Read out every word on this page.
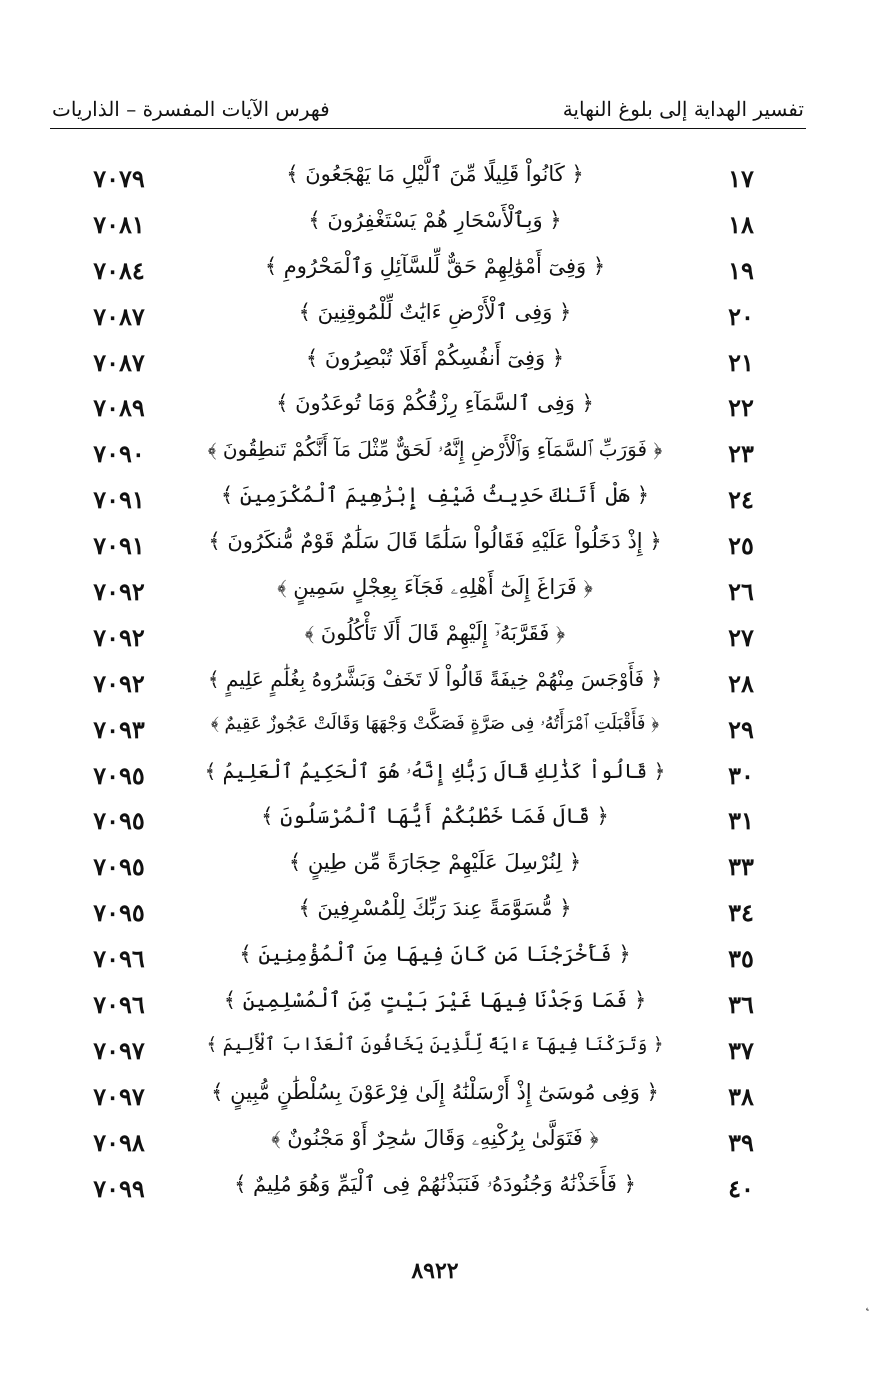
تفسير الهداية إلى بلوغ النهاية
فهرس الآيات المفسرة – الذاريات
١٧
﴿ كَانُواْ قَلِيلًا مِّنَ ٱلَّيْلِ مَا يَهْجَعُونَ ﴾
٧٠٧٩
١٨
﴿ وَبِٱلْأَسْحَارِ هُمْ يَسْتَغْفِرُونَ ﴾
٧٠٨١
١٩
﴿ وَفِىٓ أَمْوَٰلِهِمْ حَقٌّ لِّلسَّآئِلِ وَٱلْمَحْرُومِ ﴾
٧٠٨٤
٢٠
﴿ وَفِى ٱلْأَرْضِ ءَايَٰتٌ لِّلْمُوقِنِينَ ﴾
٧٠٨٧
٢١
﴿ وَفِىٓ أَنفُسِكُمْ أَفَلَا تُبْصِرُونَ ﴾
٧٠٨٧
٢٢
﴿ وَفِى ٱلسَّمَآءِ رِزْقُكُمْ وَمَا تُوعَدُونَ ﴾
٧٠٨٩
٢٣
﴿ فَوَرَبِّ ٱلسَّمَآءِ وَٱلْأَرْضِ إِنَّهُۥ لَحَقٌّ مِّثْلَ مَآ أَنَّكُمْ تَنطِقُونَ ﴾
٧٠٩٠
٢٤
﴿ هَلْ أَتَىٰكَ حَدِيثُ ضَيْفِ إِبْرَٰهِيمَ ٱلْمُكْرَمِينَ ﴾
٧٠٩١
٢٥
﴿ إِذْ دَخَلُواْ عَلَيْهِ فَقَالُواْ سَلَٰمًا قَالَ سَلَٰمٌ قَوْمٌ مُّنكَرُونَ ﴾
٧٠٩١
٢٦
﴿ فَرَاغَ إِلَىٰٓ أَهْلِهِۦ فَجَآءَ بِعِجْلٍ سَمِينٍ ﴾
٧٠٩٢
٢٧
﴿ فَقَرَّبَهُۥٓ إِلَيْهِمْ قَالَ أَلَا تَأْكُلُونَ ﴾
٧٠٩٢
٢٨
﴿ فَأَوْجَسَ مِنْهُمْ خِيفَةً قَالُواْ لَا تَخَفْ وَبَشَّرُوهُ بِغُلَٰمٍ عَلِيمٍ ﴾
٧٠٩٢
٢٩
﴿ فَأَقْبَلَتِ ٱمْرَأَتُهُۥ فِى صَرَّةٍ فَصَكَّتْ وَجْهَهَا وَقَالَتْ عَجُوزٌ عَقِيمٌ ﴾
٧٠٩٣
٣٠
﴿ قَالُواْ كَذَٰلِكِ قَالَ رَبُّكِ إِنَّهُۥ هُوَ ٱلْحَكِيمُ ٱلْعَلِيمُ ﴾
٧٠٩٥
٣١
﴿ قَالَ فَمَا خَطْبُكُمْ أَيُّهَا ٱلْمُرْسَلُونَ ﴾
٧٠٩٥
٣٣
﴿ لِنُرْسِلَ عَلَيْهِمْ حِجَارَةً مِّن طِينٍ ﴾
٧٠٩٥
٣٤
﴿ مُّسَوَّمَةً عِندَ رَبِّكَ لِلْمُسْرِفِينَ ﴾
٧٠٩٥
٣٥
﴿ فَأَخْرَجْنَا مَن كَانَ فِيهَا مِنَ ٱلْمُؤْمِنِينَ ﴾
٧٠٩٦
٣٦
﴿ فَمَا وَجَدْنَا فِيهَا غَيْرَ بَيْتٍ مِّنَ ٱلْمُسْلِمِينَ ﴾
٧٠٩٦
٣٧
﴿ وَتَرَكْنَا فِيهَآ ءَايَةً لِّلَّذِينَ يَخَافُونَ ٱلْعَذَابَ ٱلْأَلِيمَ ﴾
٧٠٩٧
٣٨
﴿ وَفِى مُوسَىٰٓ إِذْ أَرْسَلْنَٰهُ إِلَىٰ فِرْعَوْنَ بِسُلْطَٰنٍ مُّبِينٍ ﴾
٧٠٩٧
٣٩
﴿ فَتَوَلَّىٰ بِرُكْنِهِۦ وَقَالَ سَٰحِرٌ أَوْ مَجْنُونٌ ﴾
٧٠٩٨
٤٠
﴿ فَأَخَذْنَٰهُ وَجُنُودَهُۥ فَنَبَذْنَٰهُمْ فِى ٱلْيَمِّ وَهُوَ مُلِيمٌ ﴾
٧٠٩٩
٨٩٢٢
˛
